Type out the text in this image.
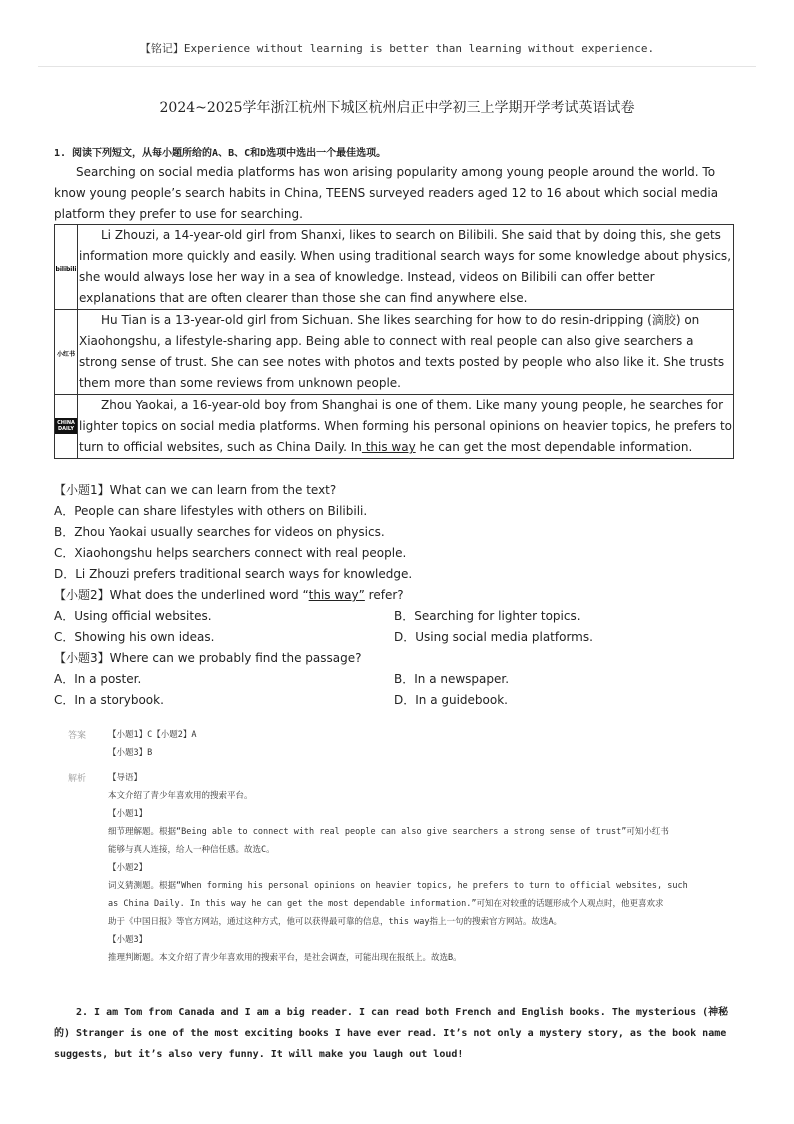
【铭记】Experience without learning is better than learning without experience.
2024~2025学年浙江杭州下城区杭州启正中学初三上学期开学考试英语试卷
1. 阅读下列短文，从每小题所给的A、B、C和D选项中选出一个最佳选项。
Searching on social media platforms has won arising popularity among young people around the world. To know young people’s search habits in China, TEENS surveyed readers aged 12 to 16 about which social media platform they prefer to use for searching.
bilibili	Li Zhouzi, a 14-year-old girl from Shanxi, likes to search on Bilibili. She said that by doing this, she gets information more quickly and easily. When using traditional search ways for some knowledge about physics, she would always lose her way in a sea of knowledge. Instead, videos on Bilibili can offer better explanations that are often clearer than those she can find anywhere else.
小红书	Hu Tian is a 13-year-old girl from Sichuan. She likes searching for how to do resin-dripping (滴胶) on Xiaohongshu, a lifestyle-sharing app. Being able to connect with real people can also give searchers a strong sense of trust. She can see notes with photos and texts posted by people who also like it. She trusts them more than some reviews from unknown people.
CHINA DAILY	Zhou Yaokai, a 16-year-old boy from Shanghai is one of them. Like many young people, he searches for lighter topics on social media platforms. When forming his personal opinions on heavier topics, he prefers to turn to official websites, such as China Daily. In this way he can get the most dependable information.
【小题1】What can we can learn from the text?
A．People can share lifestyles with others on Bilibili.
B．Zhou Yaokai usually searches for videos on physics.
C．Xiaohongshu helps searchers connect with real people.
D．Li Zhouzi prefers traditional search ways for knowledge.
【小题2】What does the underlined word “this way” refer?
A．Using official websites.	B．Searching for lighter topics.
C．Showing his own ideas.	D．Using social media platforms.
【小题3】Where can we probably find the passage?
A．In a poster.	B．In a newspaper.
C．In a storybook.	D．In a guidebook.
答案	【小题1】C【小题2】A
【小题3】B
解析	【导语】
本文介绍了青少年喜欢用的搜索平台。
【小题1】
细节理解题。根据“Being able to connect with real people can also give searchers a strong sense of trust”可知小红书
能够与真人连接，给人一种信任感。故选C。
【小题2】
词义猜测题。根据“When forming his personal opinions on heavier topics, he prefers to turn to official websites, such
as China Daily. In this way he can get the most dependable information.”可知在对较重的话题形成个人观点时，他更喜欢求
助于《中国日报》等官方网站，通过这种方式，他可以获得最可靠的信息，this way指上一句的搜索官方网站。故选A。
【小题3】
推理判断题。本文介绍了青少年喜欢用的搜索平台，是社会调查，可能出现在报纸上。故选B。
2. I am Tom from Canada and I am a big reader. I can read both French and English books. The mysterious (神秘的) Stranger is one of the most exciting books I have ever read. It’s not only a mystery story, as the book name suggests, but it’s also very funny. It will make you laugh out loud!
